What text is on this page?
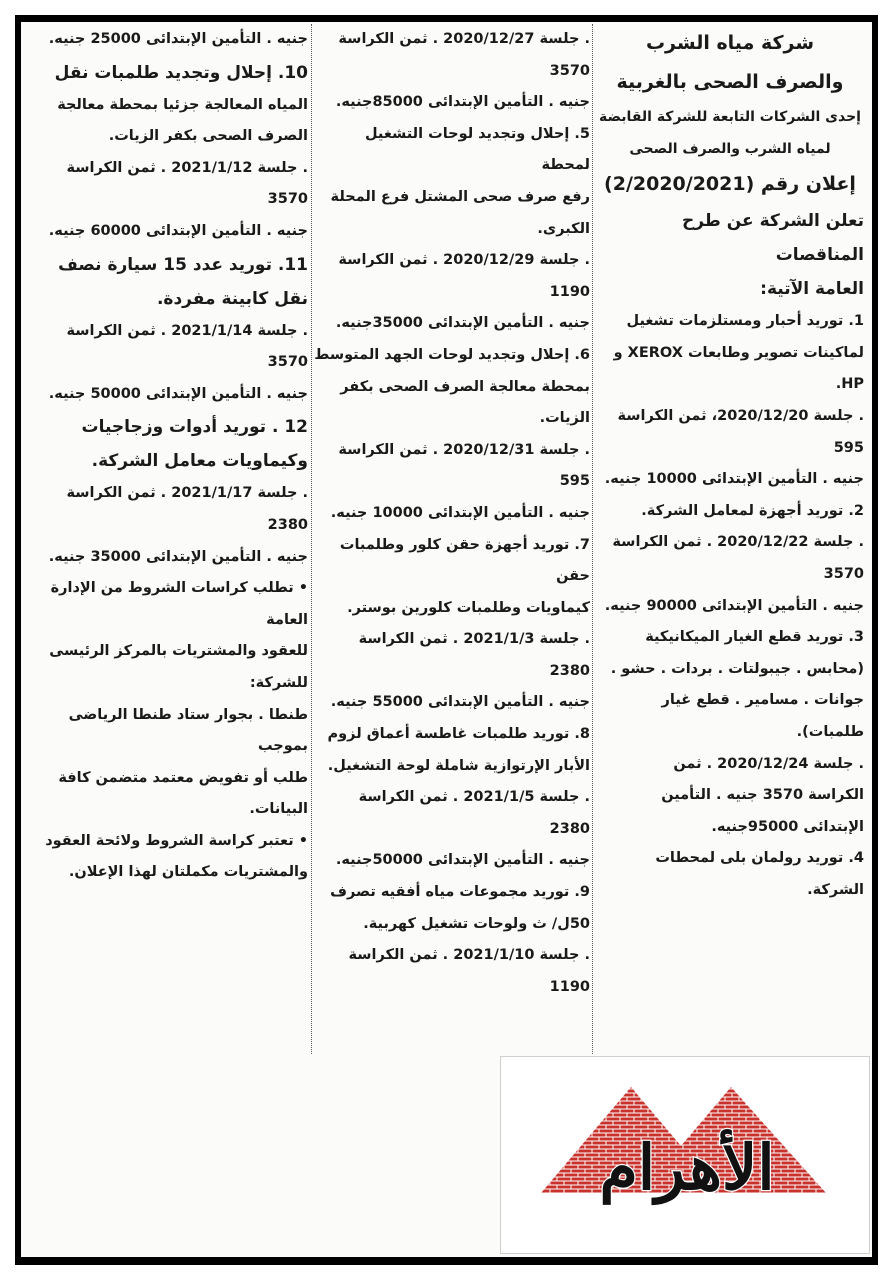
شركة مياه الشرب

والصرف الصحى بالغربية

إحدى الشركات التابعة للشركة القابضة

لمياه الشرب والصرف الصحى

إعلان رقم (2/2020/2021)

تعلن الشركة عن طرح المناقصات

العامة الآتية:

1. توريد أحبار ومستلزمات تشغيل

لماكينات تصوير وطابعات XEROX و HP.

. جلسة 2020/12/20، ثمن الكراسة 595

جنيه . التأمين الإبتدائى 10000 جنيه.

2. توريد أجهزة لمعامل الشركة.

. جلسة 2020/12/22 . ثمن الكراسة 3570

جنيه . التأمين الإبتدائى 90000 جنيه.

3. توريد قطع الغيار الميكانيكية

(محابس . جيبولتات . بردات . حشو .

جوانات . مسامير . قطع غيار طلمبات).

. جلسة 2020/12/24 . ثمن

الكراسة 3570 جنيه . التأمين

الإبتدائى 95000جنيه.

4. توريد رولمان بلى لمحطات الشركة.

. جلسة 2020/12/27 . ثمن الكراسة 3570

جنيه . التأمين الإبتدائى 85000جنيه.

5. إحلال وتجديد لوحات التشغيل لمحطة

رفع صرف صحى المشتل فرع المحلة الكبرى.

. جلسة 2020/12/29 . ثمن الكراسة 1190

جنيه . التأمين الإبتدائى 35000جنيه.

6. إحلال وتجديد لوحات الجهد المتوسط

بمحطة معالجة الصرف الصحى بكفر الزيات.

. جلسة 2020/12/31 . ثمن الكراسة 595

جنيه . التأمين الإبتدائى 10000 جنيه.

7. توريد أجهزة حقن كلور وطلمبات حقن

كيماويات وطلمبات كلورين بوستر.

. جلسة 2021/1/3 . ثمن الكراسة 2380

جنيه . التأمين الإبتدائى 55000 جنيه.

8. توريد طلمبات غاطسة أعماق لزوم

الأبار الإرتوازية شاملة لوحة التشغيل.

. جلسة 2021/1/5 . ثمن الكراسة 2380

جنيه . التأمين الإبتدائى 50000جنيه.

9. توريد مجموعات مياه أفقيه تصرف

50ل/ ث ولوحات تشغيل كهربية.

. جلسة 2021/1/10 . ثمن الكراسة 1190

جنيه . التأمين الإبتدائى 25000 جنيه.

10. إحلال وتجديد طلمبات نقل

المياه المعالجة جزئيا بمحطة معالجة

الصرف الصحى بكفر الزيات.

. جلسة 2021/1/12 . ثمن الكراسة 3570

جنيه . التأمين الإبتدائى 60000 جنيه.

11. توريد عدد 15 سيارة نصف

نقل كابينة مفردة.

. جلسة 2021/1/14 . ثمن الكراسة 3570

جنيه . التأمين الإبتدائى 50000 جنيه.

12 . توريد أدوات وزجاجيات

وكيماويات معامل الشركة.

. جلسة 2021/1/17 . ثمن الكراسة 2380

جنيه . التأمين الإبتدائى 35000 جنيه.

• تطلب كراسات الشروط من الإدارة العامة

للعقود والمشتريات بالمركز الرئيسى للشركة:

طنطا . بجوار ستاد طنطا الرياضى بموجب

طلب أو تفويض معتمد متضمن كافة البيانات.

• تعتبر كراسة الشروط ولائحة العقود

والمشتريات مكملتان لهذا الإعلان.

الأهرام
